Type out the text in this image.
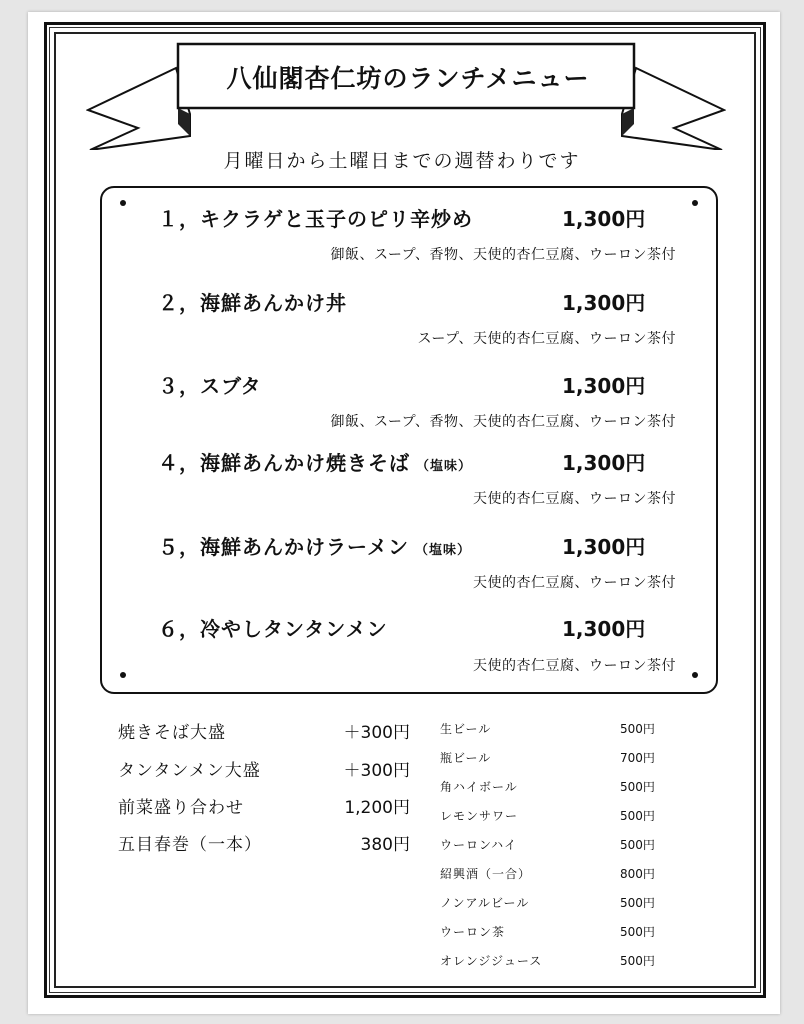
八仙閣杏仁坊のランチメニュー
月曜日から土曜日までの週替わりです
１，キクラゲと玉子のピリ辛炒め	1,300円
御飯、スープ、香物、天使的杏仁豆腐、ウーロン茶付
２，海鮮あんかけ丼	1,300円
スープ、天使的杏仁豆腐、ウーロン茶付
３，スブタ	1,300円
御飯、スープ、香物、天使的杏仁豆腐、ウーロン茶付
４，海鮮あんかけ焼きそば （塩味）	1,300円
天使的杏仁豆腐、ウーロン茶付
５，海鮮あんかけラーメン （塩味）	1,300円
天使的杏仁豆腐、ウーロン茶付
６，冷やしタンタンメン	1,300円
天使的杏仁豆腐、ウーロン茶付
焼きそば大盛	＋300円
タンタンメン大盛	＋300円
前菜盛り合わせ	1,200円
五目春巻（一本）	380円
生ビール	500円
瓶ビール	700円
角ハイボール	500円
レモンサワー	500円
ウーロンハイ	500円
紹興酒（一合）	800円
ノンアルビール	500円
ウーロン茶	500円
オレンジジュース	500円
